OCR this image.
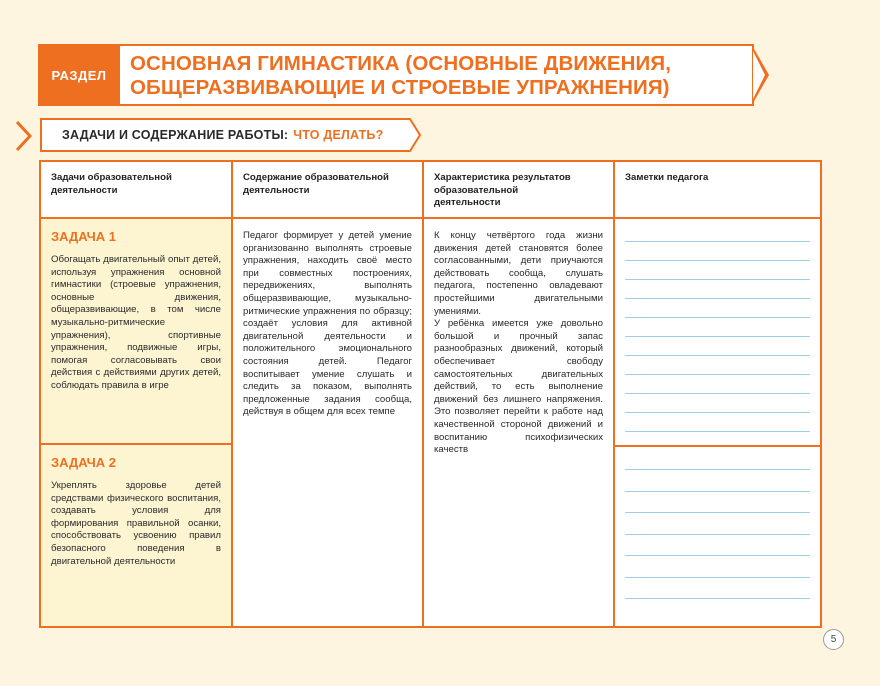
РАЗДЕЛ	ОСНОВНАЯ ГИМНАСТИКА (ОСНОВНЫЕ ДВИЖЕНИЯ,
ОБЩЕРАЗВИВАЮЩИЕ И СТРОЕВЫЕ УПРАЖНЕНИЯ)
ЗАДАЧИ И СОДЕРЖАНИЕ РАБОТЫ: ЧТО ДЕЛАТЬ?
Задачи образовательной
деятельности
ЗАДАЧА 1
Обогащать двигательный опыт детей, используя упражнения основной гимнастики (строевые упражнения, основные движения, общеразвивающие, в том числе музыкально-ритмические упражнения), спортивные упражнения, подвижные игры, помогая согласовывать свои действия с действиями других детей, соблюдать правила в игре
ЗАДАЧА 2
Укреплять здоровье детей средствами физического воспитания, создавать условия для формирования правильной осанки, способствовать усвоению правил безопасного поведения в двигательной деятельности
Содержание образовательной
деятельности
Педагог формирует у детей умение организованно выполнять строевые упражнения, находить своё место при совместных построениях, передвижениях, выполнять общеразвивающие, музыкально-ритмические упражнения по образцу; создаёт условия для активной двигательной деятельности и положительного эмоционального состояния детей. Педагог воспитывает умение слушать и следить за показом, выполнять предложенные задания сообща, действуя в общем для всех темпе
Характеристика результатов
образовательной
деятельности
К концу четвёртого года жизни движения детей становятся более согласованными, дети приучаются действовать сообща, слушать педагога, постепенно овладевают простейшими двигательными умениями.
У ребёнка имеется уже довольно большой и прочный запас разнообразных движений, который обеспечивает свободу самостоятельных двигательных действий, то есть выполнение движений без лишнего напряжения. Это позволяет перейти к работе над качественной стороной движений и воспитанию психофизических качеств
Заметки педагога
5
